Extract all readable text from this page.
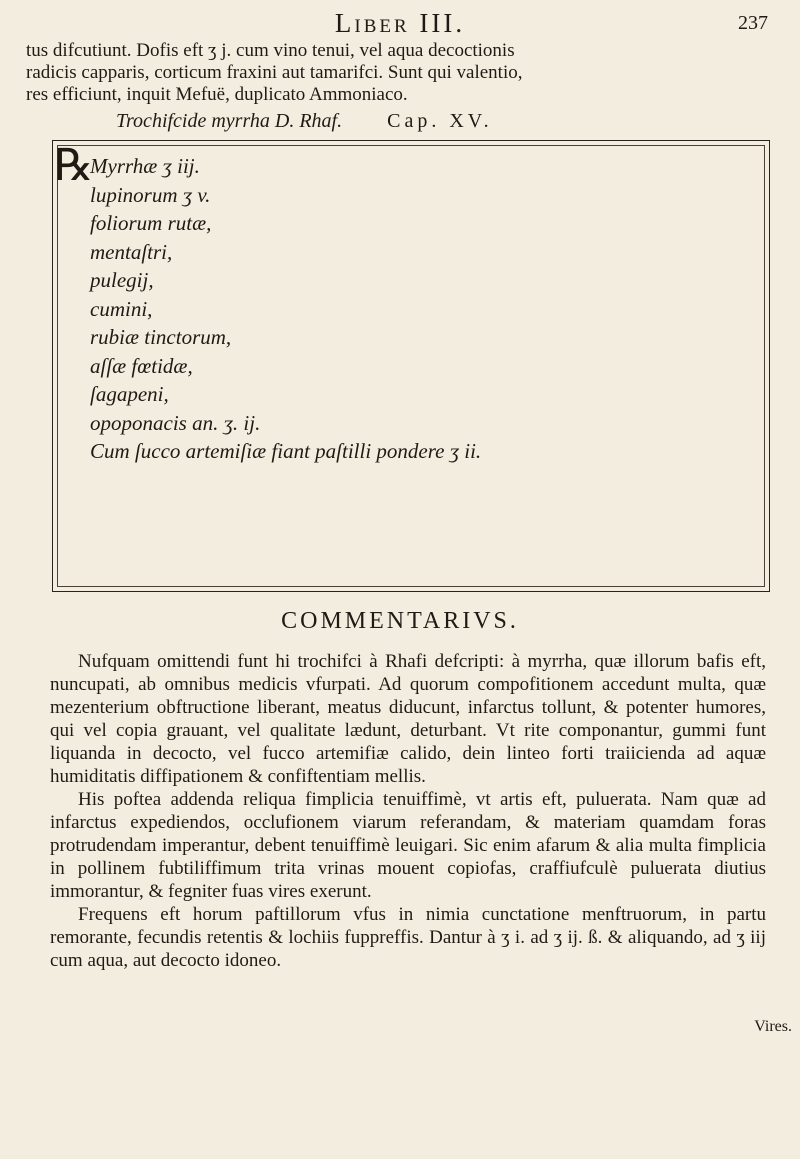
Liber III.	237

tus difcutiunt. Dofis eft ʒ j. cum vino tenui, vel aqua decoctionis

radicis capparis, corticum fraxini aut tamarifci. Sunt qui valentio,

res efficiunt, inquit Mefuë, duplicato Ammoniaco.

Trochifcide myrrha D. Rhaf. Cap. XV.
℞
Myrrhæ ʒ iij.
lupinorum ʒ v.
foliorum rutæ,
mentaſtri,
pulegij,
cumini,
rubiæ tinctorum,
aſſæ fœtidæ,
ſagapeni,
opoponacis an. ʒ. ij.
Cum ſucco artemiſiæ fiant paſtilli pondere ʒ ii.
COMMENTARIVS.

Nufquam omittendi funt hi trochifci à Rhafi defcripti: à myrrha, quæ illorum bafis eft, nuncupati, ab omnibus medicis vfurpati. Ad quorum compofitionem accedunt multa, quæ mezenterium obftructione liberant, meatus diducunt, infarctus tollunt, & potenter humores, qui vel copia grauant, vel qualitate lædunt, deturbant. Vt rite componantur, gummi funt liquanda in decocto, vel fucco artemifiæ calido, dein linteo forti traiicienda ad aquæ humiditatis diffipationem & confiftentiam mellis.

His poftea addenda reliqua fimplicia tenuiffimè, vt artis eft, puluerata. Nam quæ ad infarctus expediendos, occlufionem viarum referandam, & materiam quamdam foras protrudendam imperantur, debent tenuiffimè leuigari. Sic enim afarum & alia multa fimplicia in pollinem fubtiliffimum trita vrinas mouent copiofas, craffiufculè puluerata diutius immorantur, & fegniter fuas vires exerunt.

Frequens eft horum paftillorum vfus in nimia cunctatione menftruorum, in partu remorante, fecundis retentis & lochiis fuppreffis. Dantur à ʒ i. ad ʒ ij. ß. & aliquando, ad ʒ iij cum aqua, aut decocto idoneo.

Vires.
